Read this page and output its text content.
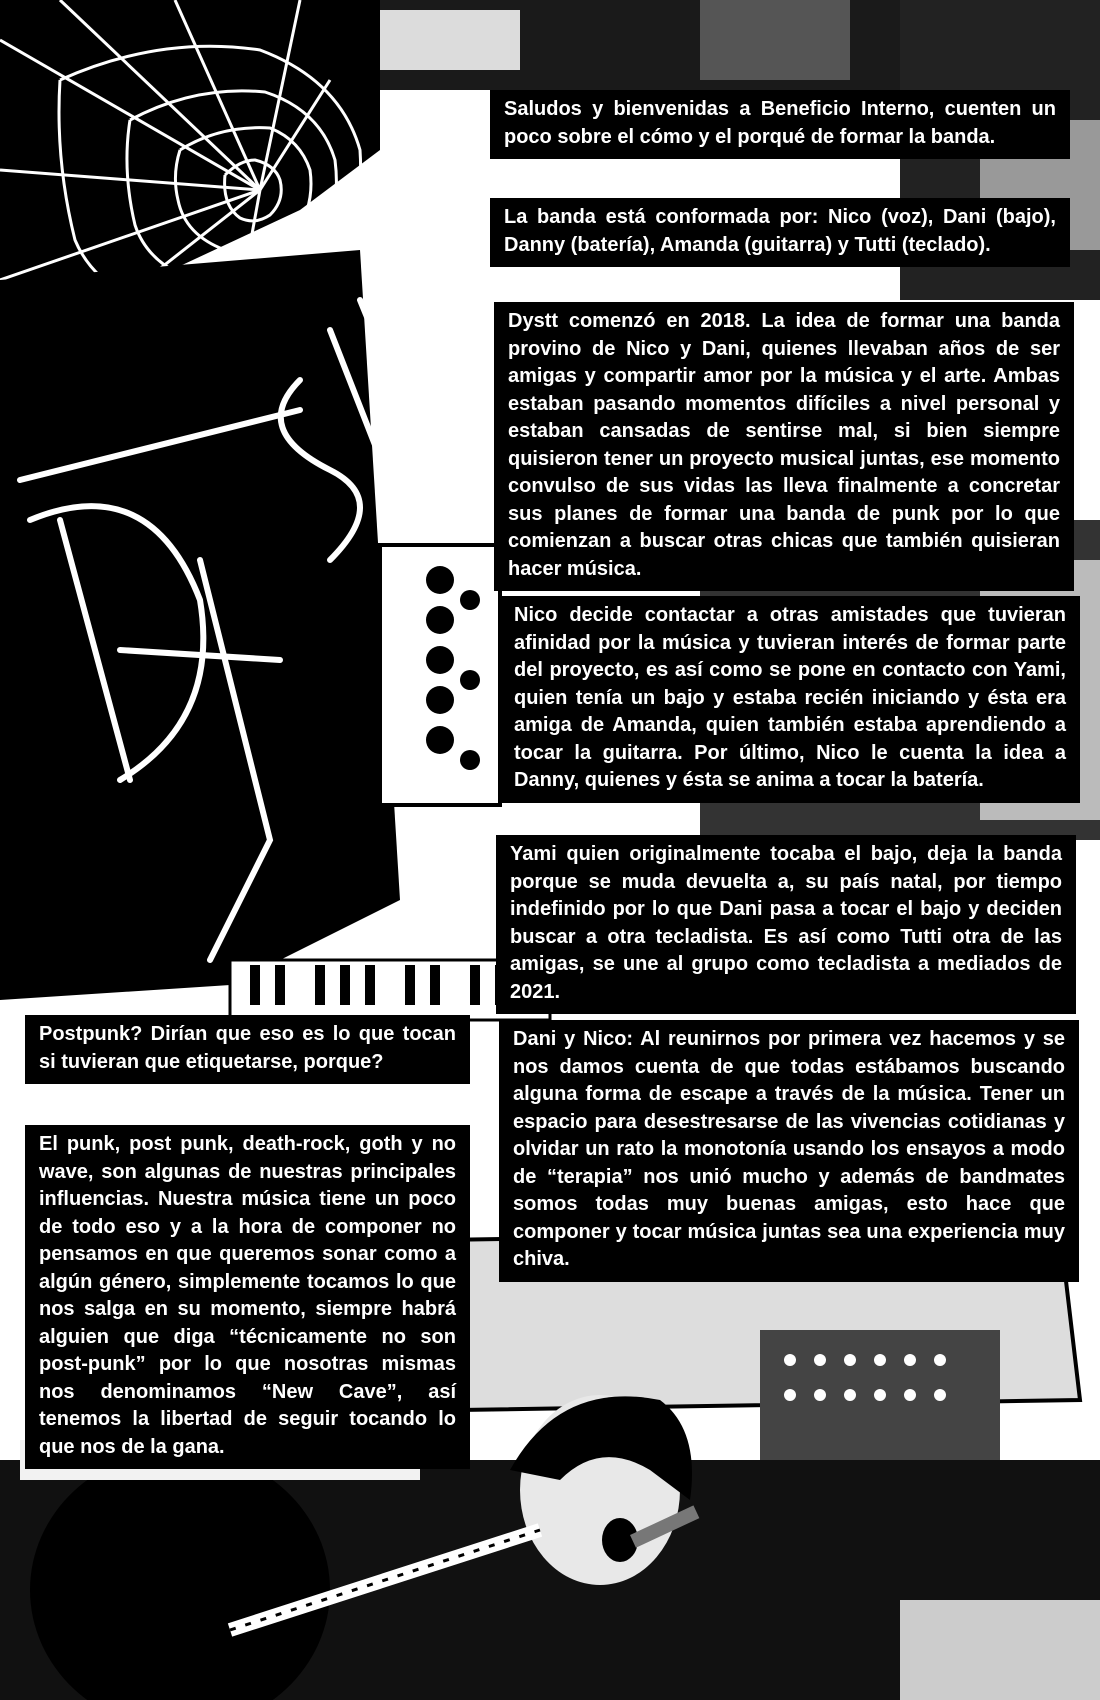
Saludos y bienvenidas a Beneficio Interno, cuenten un poco sobre el cómo y el porqué de formar la banda.

La banda está conformada por: Nico (voz), Dani (bajo), Danny (batería), Amanda (guitarra) y Tutti (teclado).

Dystt comenzó en 2018. La idea de formar una banda provino de Nico y Dani, quienes llevaban años de ser amigas y compartir amor por la música y el arte. Ambas estaban pasando momentos difíciles a nivel personal y estaban cansadas de sentirse mal, si bien siempre quisieron tener un proyecto musical juntas, ese momento convulso de sus vidas las lleva finalmente a concretar sus planes de formar una banda de punk por lo que comienzan a buscar otras chicas que también quisieran hacer música.

Nico decide contactar a otras amistades que tuvieran afinidad por la música y tuvieran interés de formar parte del proyecto, es así como se pone en contacto con Yami, quien tenía un bajo y estaba recién iniciando y ésta era amiga de Amanda, quien también estaba aprendiendo a tocar la guitarra. Por último, Nico le cuenta la idea a Danny, quienes y ésta se anima a tocar la batería.

Yami quien originalmente tocaba el bajo, deja la banda porque se muda devuelta a, su país natal, por tiempo indefinido por lo que Dani pasa a tocar el bajo y deciden buscar a otra tecladista. Es así como Tutti otra de las amigas, se une al grupo como tecladista a mediados de 2021.

Dani y Nico: Al reunirnos por primera vez hacemos y se nos damos cuenta de que todas estábamos buscando alguna forma de escape a través de la música. Tener un espacio para desestresarse de las vivencias cotidianas y olvidar un rato la monotonía usando los ensayos a modo de “terapia” nos unió mucho y además de bandmates somos todas muy buenas amigas, esto hace que componer y tocar música juntas sea una experiencia muy chiva.

Postpunk? Dirían que eso es lo que tocan si tuvieran que etiquetarse, porque?

El punk, post punk, death-rock, goth y no wave, son algunas de nuestras principales influencias. Nuestra música tiene un poco de todo eso y a la hora de componer no pensamos en que queremos sonar como a algún género, simplemente tocamos lo que nos salga en su momento, siempre habrá alguien que diga “técnicamente no son post-punk” por lo que nosotras mismas nos denominamos “New Cave”, así tenemos la libertad de seguir tocando lo que nos de la gana.
